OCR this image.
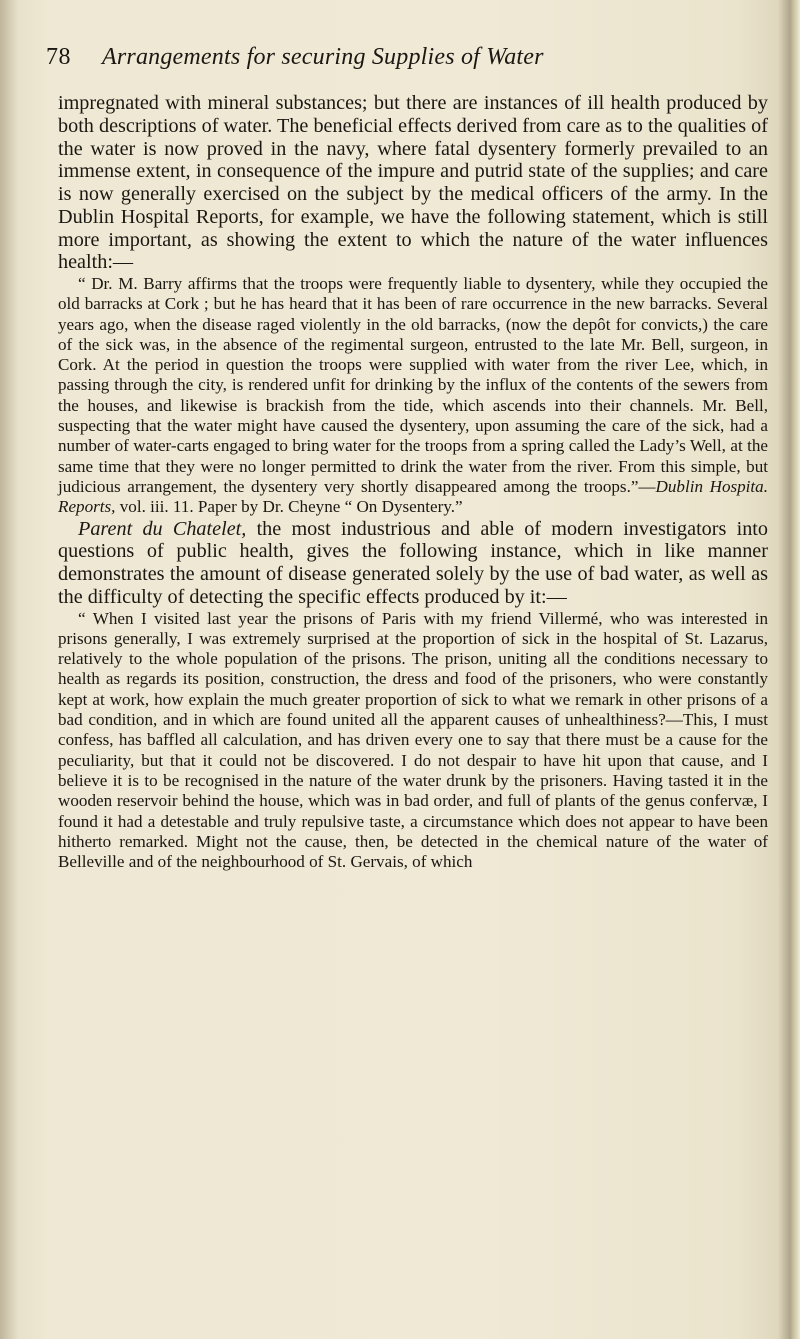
78 Arrangements for securing Supplies of Water

impregnated with mineral substances; but there are instances of ill health produced by both descriptions of water. The beneficial effects derived from care as to the qualities of the water is now proved in the navy, where fatal dysentery formerly prevailed to an immense extent, in consequence of the impure and putrid state of the supplies; and care is now generally exercised on the subject by the medical officers of the army. In the Dublin Hospital Reports, for example, we have the following statement, which is still more important, as showing the extent to which the nature of the water influences health:—

“ Dr. M. Barry affirms that the troops were frequently liable to dysentery, while they occupied the old barracks at Cork ; but he has heard that it has been of rare occurrence in the new barracks. Several years ago, when the disease raged violently in the old barracks, (now the depôt for convicts,) the care of the sick was, in the absence of the regimental surgeon, entrusted to the late Mr. Bell, surgeon, in Cork. At the period in question the troops were supplied with water from the river Lee, which, in passing through the city, is rendered unfit for drinking by the influx of the contents of the sewers from the houses, and likewise is brackish from the tide, which ascends into their channels. Mr. Bell, suspecting that the water might have caused the dysentery, upon assuming the care of the sick, had a number of water-carts engaged to bring water for the troops from a spring called the Lady’s Well, at the same time that they were no longer permitted to drink the water from the river. From this simple, but judicious arrangement, the dysentery very shortly disappeared among the troops.”—Dublin Hospita. Reports, vol. iii. 11. Paper by Dr. Cheyne “ On Dysentery.”

Parent du Chatelet, the most industrious and able of modern investigators into questions of public health, gives the following instance, which in like manner demonstrates the amount of disease generated solely by the use of bad water, as well as the difficulty of detecting the specific effects produced by it:—

“ When I visited last year the prisons of Paris with my friend Villermé, who was interested in prisons generally, I was extremely surprised at the proportion of sick in the hospital of St. Lazarus, relatively to the whole population of the prisons. The prison, uniting all the conditions necessary to health as regards its position, construction, the dress and food of the prisoners, who were constantly kept at work, how explain the much greater proportion of sick to what we remark in other prisons of a bad condition, and in which are found united all the apparent causes of unhealthiness?—This, I must confess, has baffled all calculation, and has driven every one to say that there must be a cause for the peculiarity, but that it could not be discovered. I do not despair to have hit upon that cause, and I believe it is to be recognised in the nature of the water drunk by the prisoners. Having tasted it in the wooden reservoir behind the house, which was in bad order, and full of plants of the genus confervæ, I found it had a detestable and truly repulsive taste, a circumstance which does not appear to have been hitherto remarked. Might not the cause, then, be detected in the chemical nature of the water of Belleville and of the neighbourhood of St. Gervais, of which
